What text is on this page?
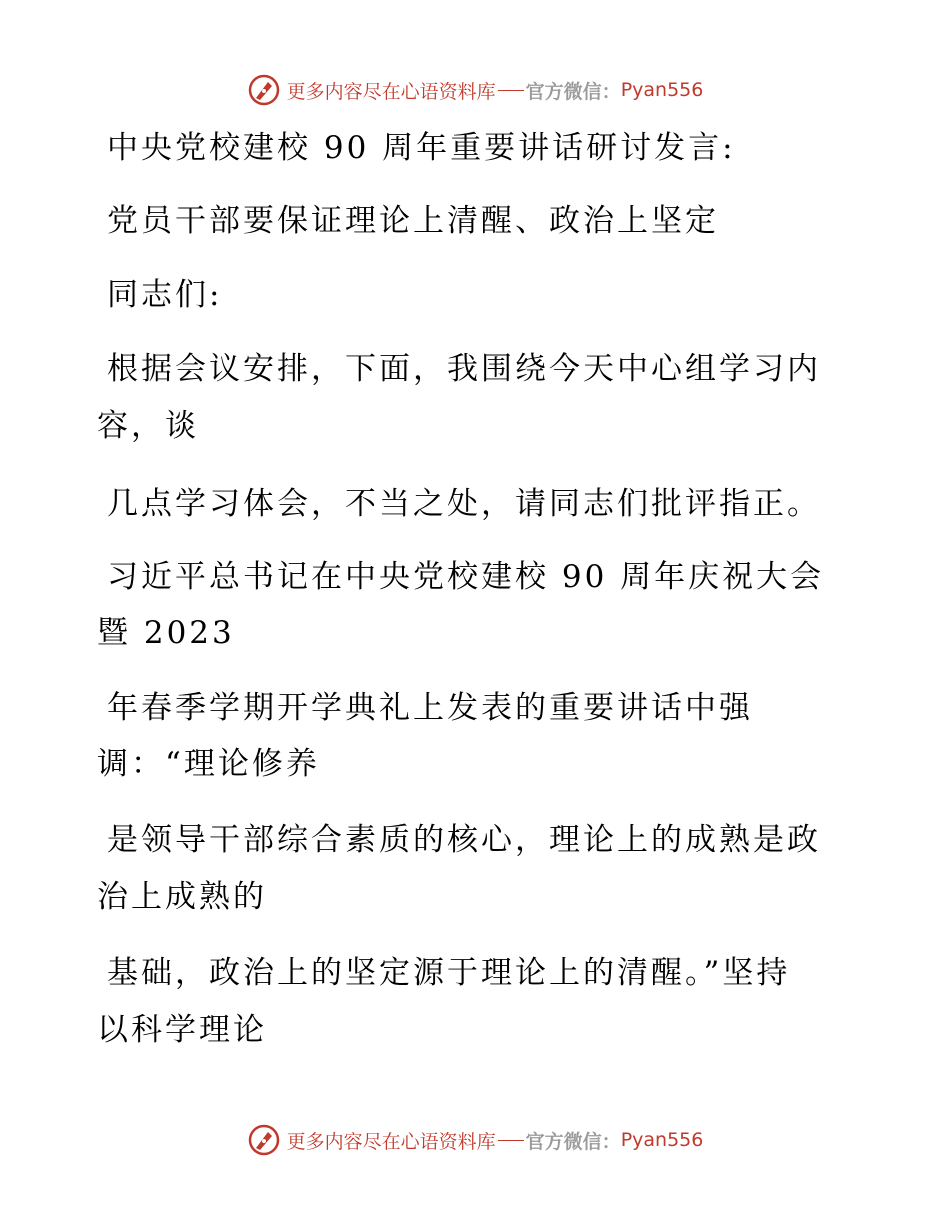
更多内容尽在心语资料库 官方微信： Pyan556
中央党校建校 90 周年重要讲话研讨发言:
党员干部要保证理论上清醒、政治上坚定
同志们:
根据会议安排，下面，我围绕今天中心组学习内
容，谈
几点学习体会，不当之处，请同志们批评指正。
习近平总书记在中央党校建校 90 周年庆祝大会
暨 2023
年春季学期开学典礼上发表的重要讲话中强
调：“理论修养
是领导干部综合素质的核心，理论上的成熟是政
治上成熟的
基础，政治上的坚定源于理论上的清醒。”坚持
以科学理论
更多内容尽在心语资料库 官方微信： Pyan556
